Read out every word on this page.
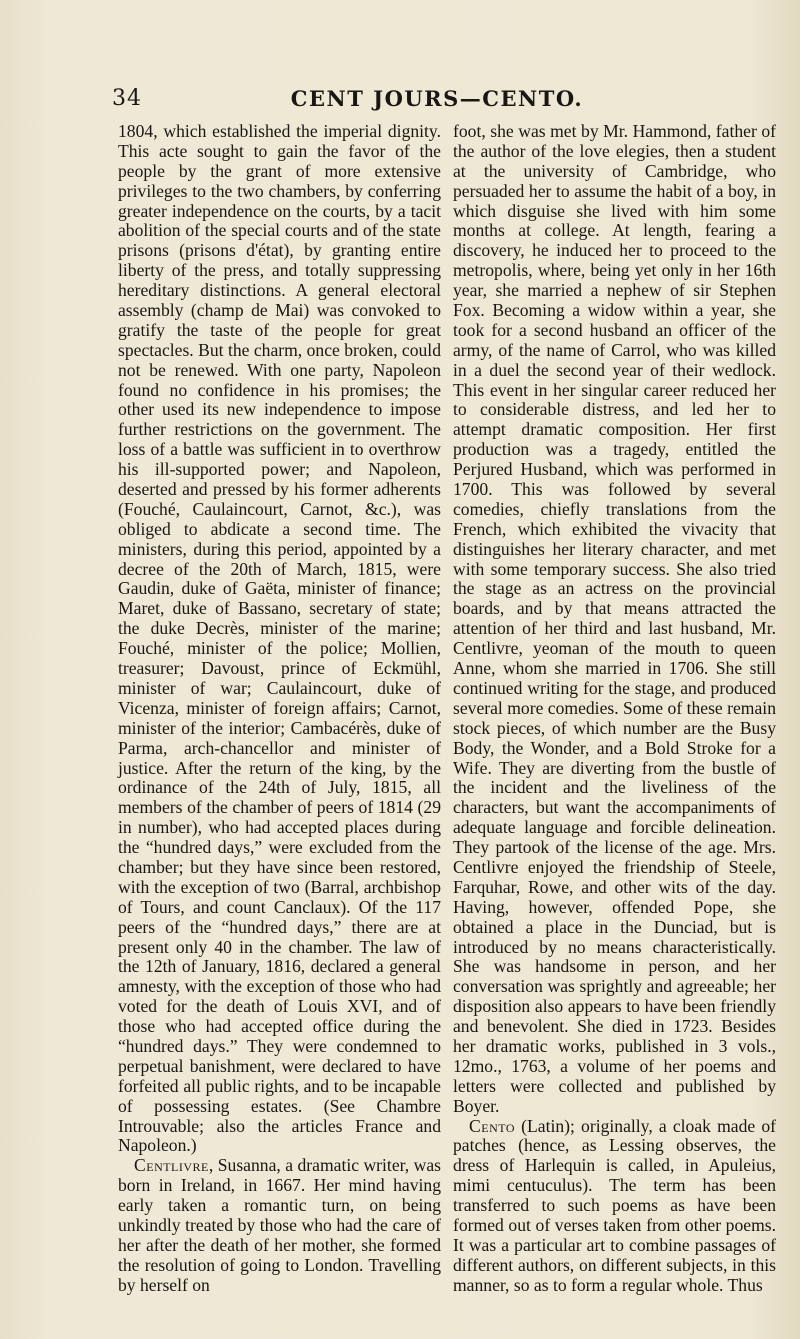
34	CENT JOURS—CENTO.

1804, which established the imperial dignity. This acte sought to gain the favor of the people by the grant of more extensive privileges to the two chambers, by conferring greater independence on the courts, by a tacit abolition of the special courts and of the state prisons (prisons d'état), by granting entire liberty of the press, and totally suppressing hereditary distinctions. A general electoral assembly (champ de Mai) was convoked to gratify the taste of the people for great spectacles. But the charm, once broken, could not be renewed. With one party, Napoleon found no confidence in his promises; the other used its new independence to impose further restrictions on the government. The loss of a battle was sufficient in to overthrow his ill-supported power; and Napoleon, deserted and pressed by his former adherents (Fouché, Caulaincourt, Carnot, &c.), was obliged to abdicate a second time. The ministers, during this period, appointed by a decree of the 20th of March, 1815, were Gaudin, duke of Gaëta, minister of finance; Maret, duke of Bassano, secretary of state; the duke Decrès, minister of the marine; Fouché, minister of the police; Mollien, treasurer; Davoust, prince of Eckmühl, minister of war; Caulaincourt, duke of Vicenza, minister of foreign affairs; Carnot, minister of the interior; Cambacérès, duke of Parma, arch-chancellor and minister of justice. After the return of the king, by the ordinance of the 24th of July, 1815, all members of the chamber of peers of 1814 (29 in number), who had accepted places during the “hundred days,” were excluded from the chamber; but they have since been restored, with the exception of two (Barral, archbishop of Tours, and count Canclaux). Of the 117 peers of the “hundred days,” there are at present only 40 in the chamber. The law of the 12th of January, 1816, declared a general amnesty, with the exception of those who had voted for the death of Louis XVI, and of those who had accepted office during the “hundred days.” They were condemned to perpetual banishment, were declared to have forfeited all public rights, and to be incapable of possessing estates. (See Chambre Introuvable; also the articles France and Napoleon.)

Centlivre, Susanna, a dramatic writer, was born in Ireland, in 1667. Her mind having early taken a romantic turn, on being unkindly treated by those who had the care of her after the death of her mother, she formed the resolution of going to London. Travelling by herself on

foot, she was met by Mr. Hammond, father of the author of the love elegies, then a student at the university of Cambridge, who persuaded her to assume the habit of a boy, in which disguise she lived with him some months at college. At length, fearing a discovery, he induced her to proceed to the metropolis, where, being yet only in her 16th year, she married a nephew of sir Stephen Fox. Becoming a widow within a year, she took for a second husband an officer of the army, of the name of Carrol, who was killed in a duel the second year of their wedlock. This event in her singular career reduced her to considerable distress, and led her to attempt dramatic composition. Her first production was a tragedy, entitled the Perjured Husband, which was performed in 1700. This was followed by several comedies, chiefly translations from the French, which exhibited the vivacity that distinguishes her literary character, and met with some temporary success. She also tried the stage as an actress on the provincial boards, and by that means attracted the attention of her third and last husband, Mr. Centlivre, yeoman of the mouth to queen Anne, whom she married in 1706. She still continued writing for the stage, and produced several more comedies. Some of these remain stock pieces, of which number are the Busy Body, the Wonder, and a Bold Stroke for a Wife. They are diverting from the bustle of the incident and the liveliness of the characters, but want the accompaniments of adequate language and forcible delineation. They partook of the license of the age. Mrs. Centlivre enjoyed the friendship of Steele, Farquhar, Rowe, and other wits of the day. Having, however, offended Pope, she obtained a place in the Dunciad, but is introduced by no means characteristically. She was handsome in person, and her conversation was sprightly and agreeable; her disposition also appears to have been friendly and benevolent. She died in 1723. Besides her dramatic works, published in 3 vols., 12mo., 1763, a volume of her poems and letters were collected and published by Boyer.

Cento (Latin); originally, a cloak made of patches (hence, as Lessing observes, the dress of Harlequin is called, in Apuleius, mimi centuculus). The term has been transferred to such poems as have been formed out of verses taken from other poems. It was a particular art to combine passages of different authors, on different subjects, in this manner, so as to form a regular whole. Thus
